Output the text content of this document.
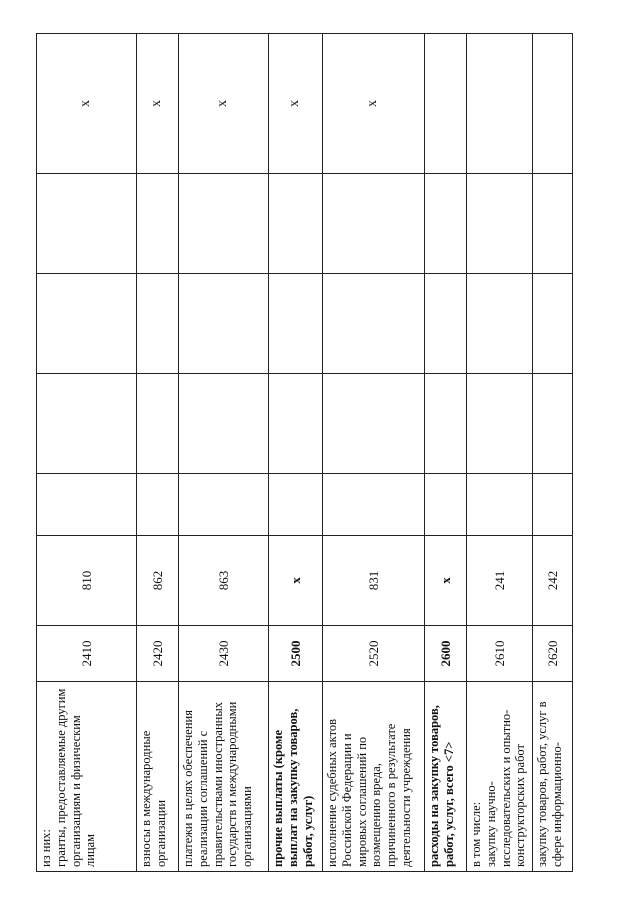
из них:
гранты, предоставляемые другим организациям и физическим лицам	2410	810					x
взносы в международные организации	2420	862					x
платежи в целях обеспечения реализации соглашений с правительствами иностранных государств и международными организациями	2430	863					x
прочие выплаты (кроме выплат на закупку товаров, работ, услуг)	2500	x					x
исполнение судебных актов Российской Федерации и мировых соглашений по возмещению вреда, причиненного в результате деятельности учреждения	2520	831					x
расходы на закупку товаров, работ, услуг, всего <7>	2600	x					
в том числе:
закупку научно-исследовательских и опытно-конструкторских работ	2610	241					
закупку товаров, работ, услуг в сфере информационно-	2620	242					
